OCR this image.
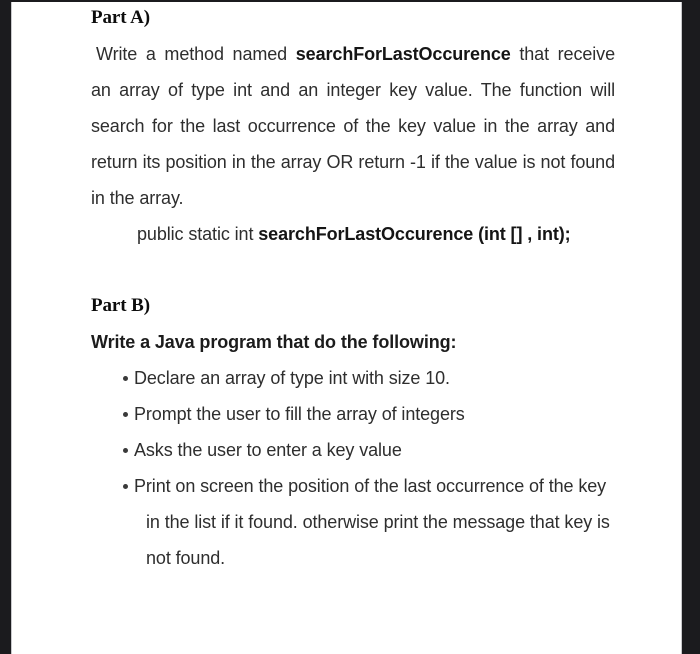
Part A)

Write a method named searchForLastOccurence that receive an array of type int and an integer key value. The function will search for the last occurrence of the key value in the array and return its position in the array OR return -1 if the value is not found in the array.

public static int searchForLastOccurence (int [] , int);

Part B)

Write a Java program that do the following:

Declare an array of type int with size 10.
Prompt the user to fill the array of integers
Asks the user to enter a key value
Print on screen the position of the last occurrence of the key in the list if it found. otherwise print the message that key is not found.
